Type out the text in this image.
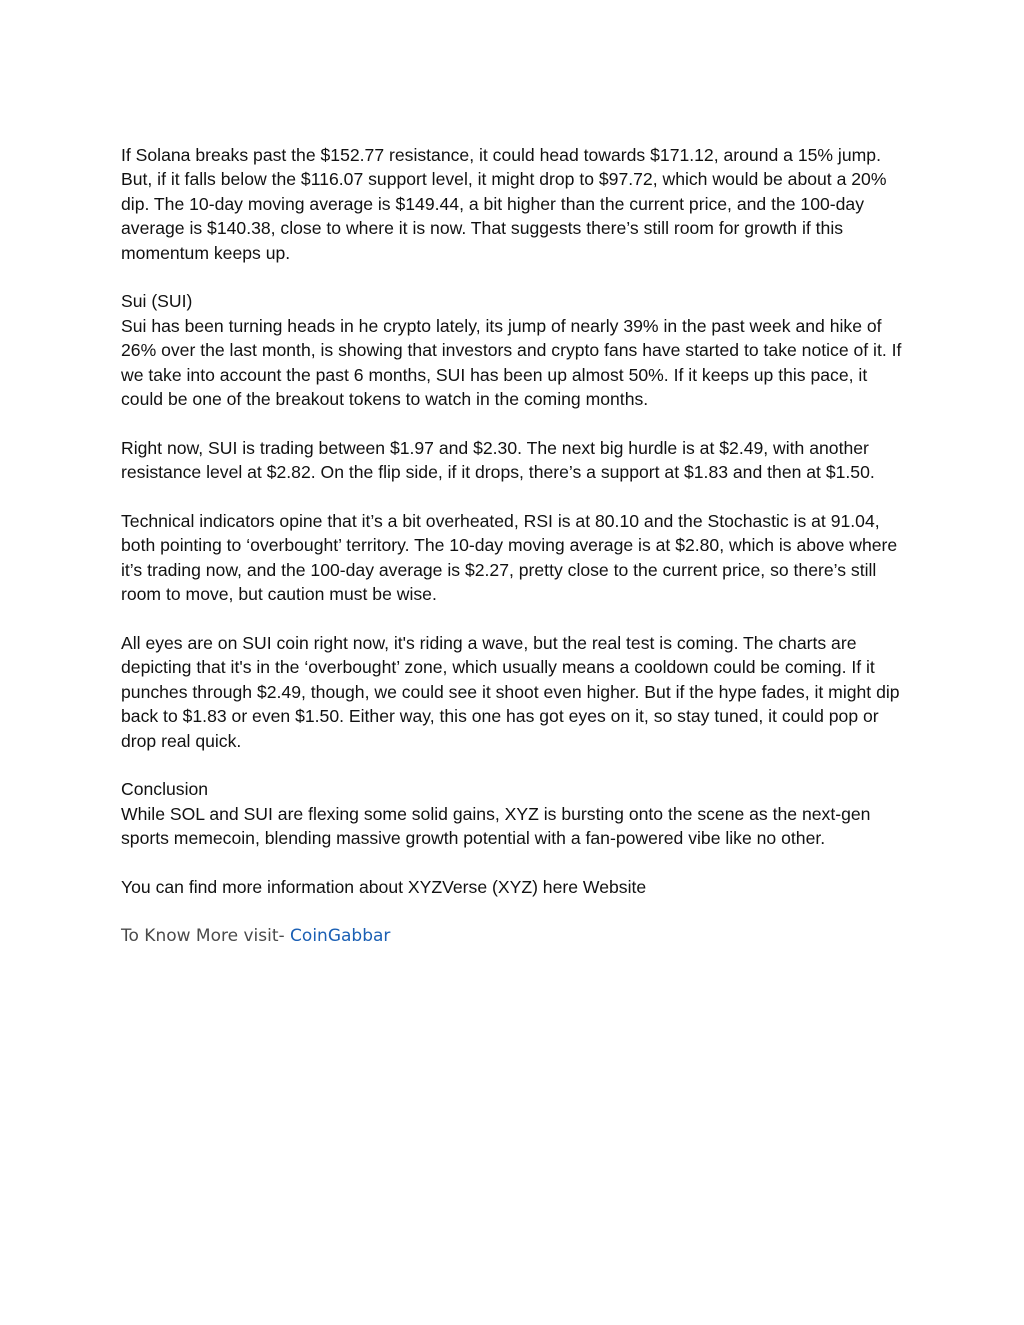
If Solana breaks past the $152.77 resistance, it could head towards $171.12, around a 15% jump. But, if it falls below the $116.07 support level, it might drop to $97.72, which would be about a 20% dip. The 10-day moving average is $149.44, a bit higher than the current price, and the 100-day average is $140.38, close to where it is now. That suggests there’s still room for growth if this momentum keeps up.

Sui (SUI)

Sui has been turning heads in he crypto lately, its jump of nearly 39% in the past week and hike of 26% over the last month, is showing that investors and crypto fans have started to take notice of it. If we take into account the past 6 months, SUI has been up almost 50%. If it keeps up this pace, it could be one of the breakout tokens to watch in the coming months.

Right now, SUI is trading between $1.97 and $2.30. The next big hurdle is at $2.49, with another resistance level at $2.82. On the flip side, if it drops, there’s a support at $1.83 and then at $1.50.

Technical indicators opine that it’s a bit overheated, RSI is at 80.10 and the Stochastic is at 91.04, both pointing to ‘overbought’ territory. The 10-day moving average is at $2.80, which is above where it’s trading now, and the 100-day average is $2.27, pretty close to the current price, so there’s still room to move, but caution must be wise.

All eyes are on SUI coin right now, it's riding a wave, but the real test is coming. The charts are depicting that it's in the ‘overbought’ zone, which usually means a cooldown could be coming. If it punches through $2.49, though, we could see it shoot even higher. But if the hype fades, it might dip back to $1.83 or even $1.50. Either way, this one has got eyes on it, so stay tuned, it could pop or drop real quick.

Conclusion

While SOL and SUI are flexing some solid gains, XYZ is bursting onto the scene as the next-gen sports memecoin, blending massive growth potential with a fan-powered vibe like no other.

You can find more information about XYZVerse (XYZ) here Website

To Know More visit- CoinGabbar
